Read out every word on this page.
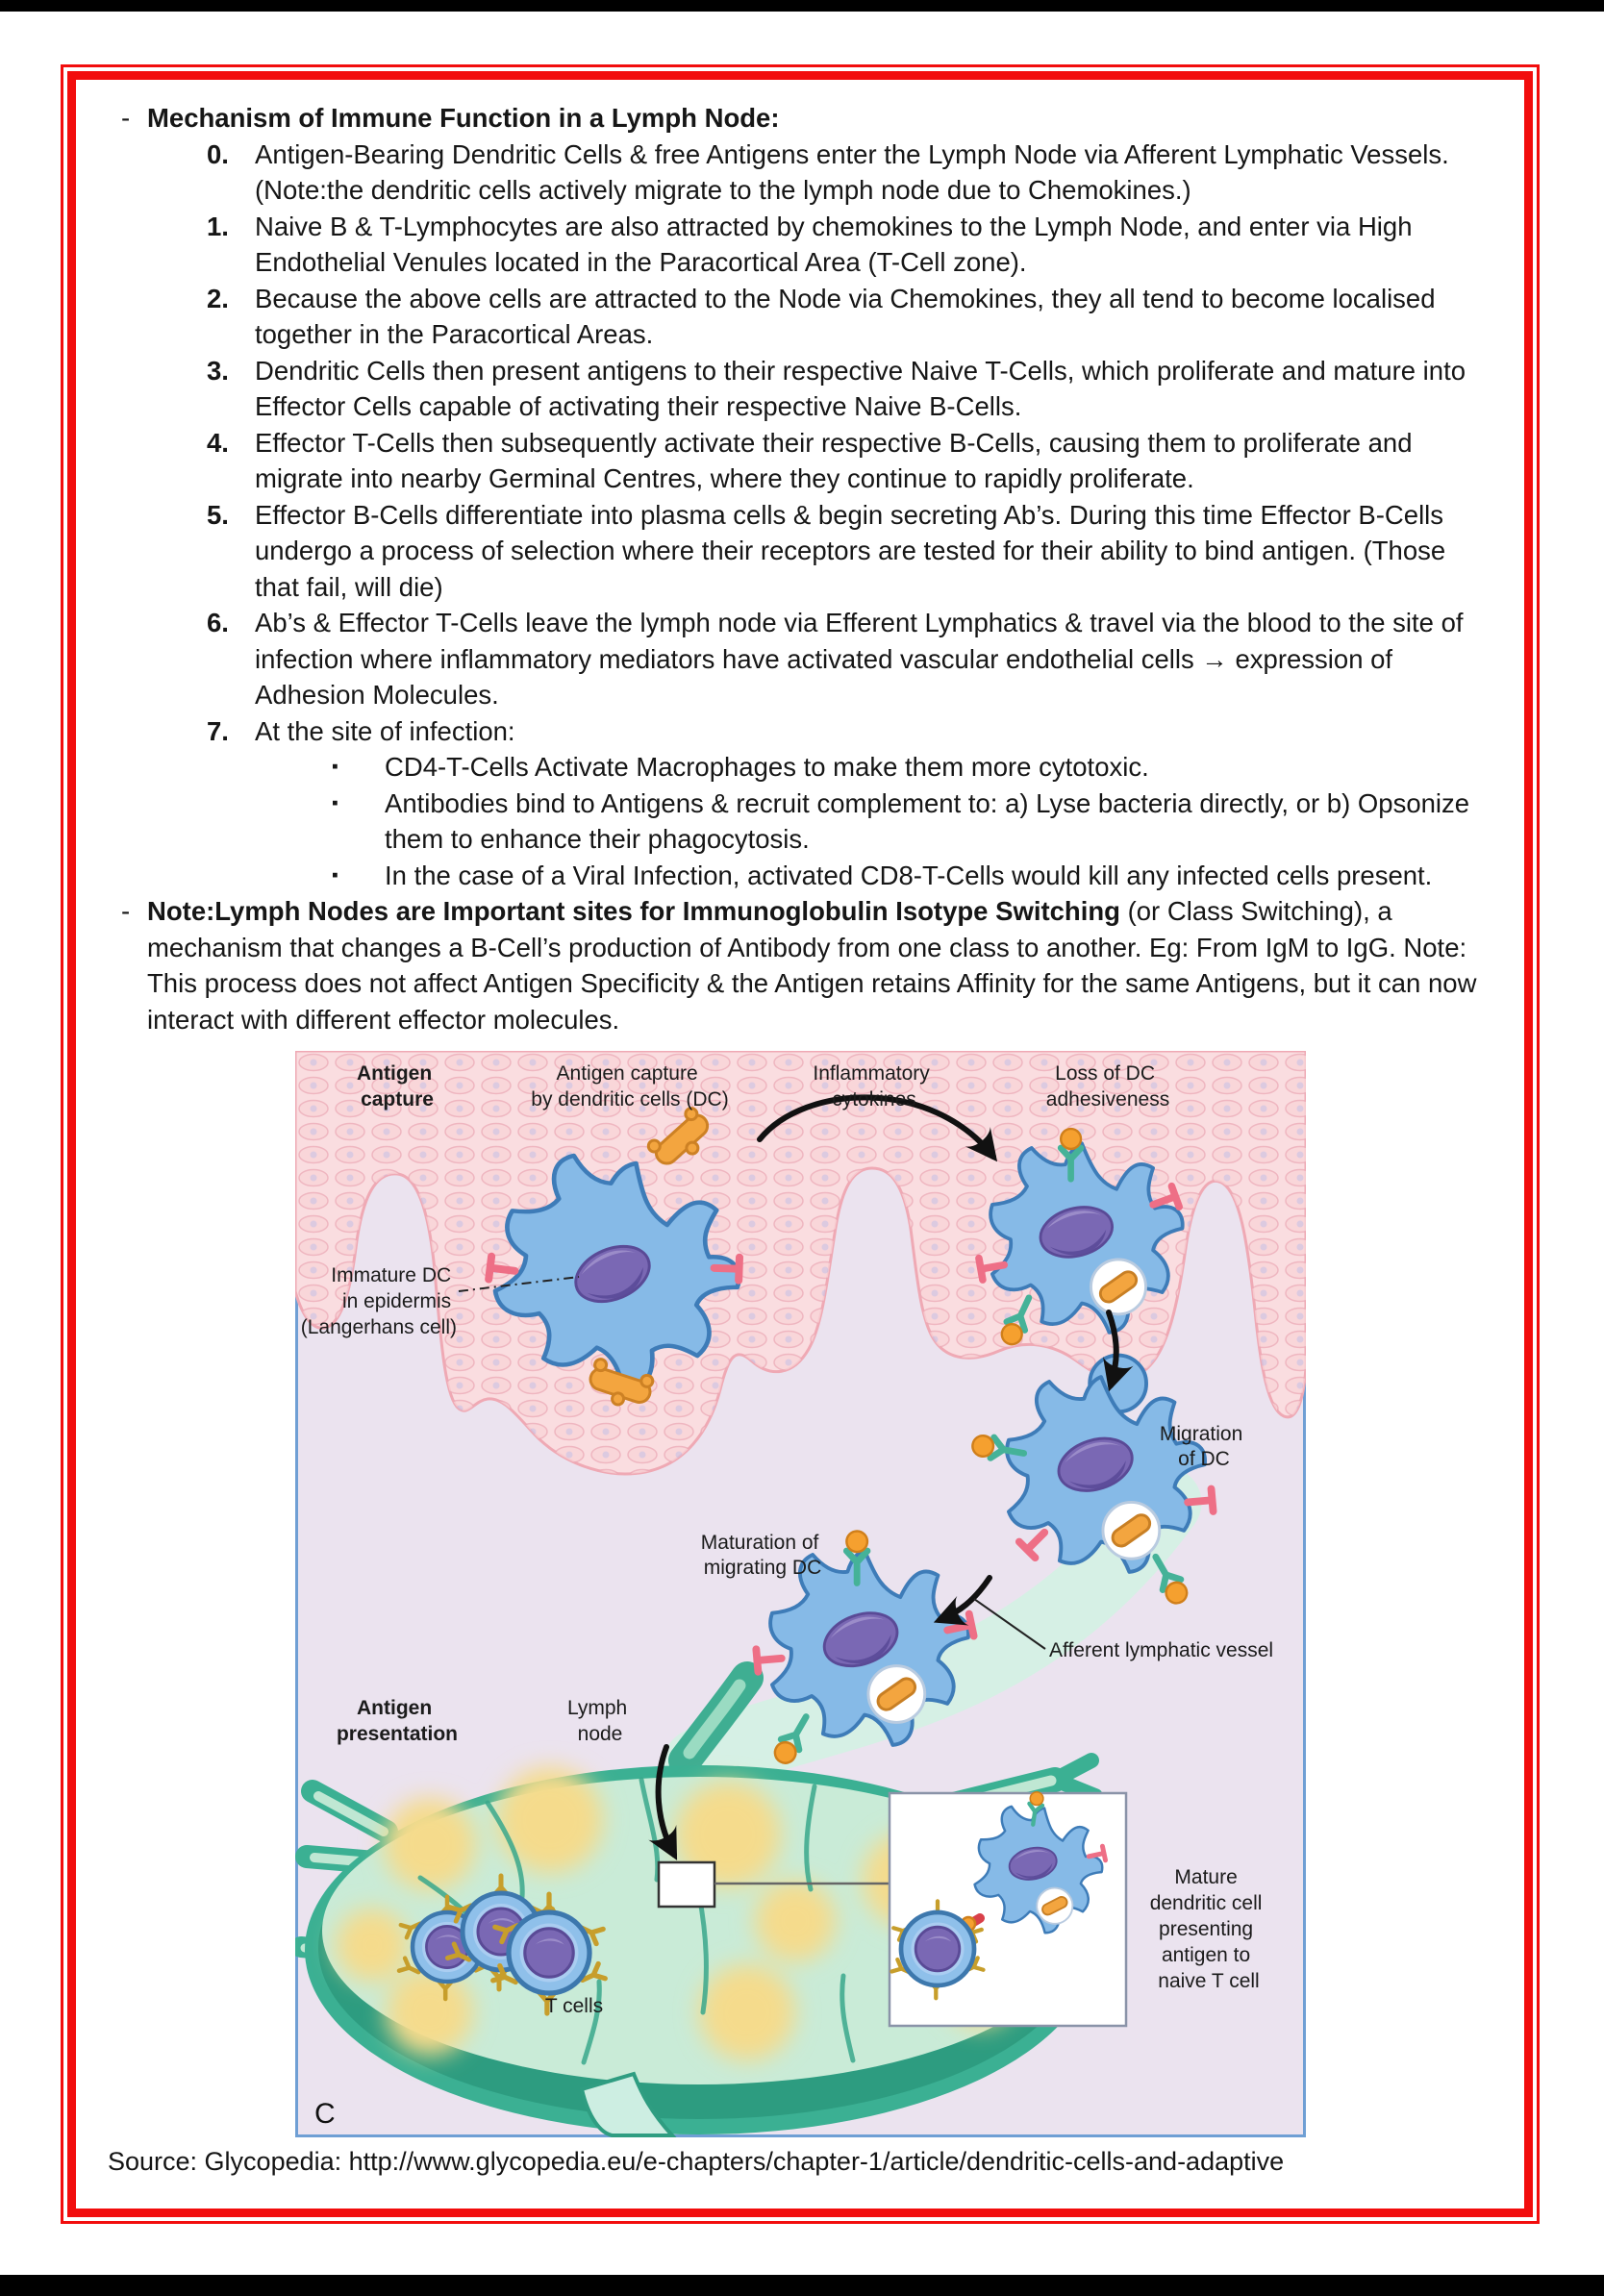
- Mechanism of Immune Function in a Lymph Node:
0. Antigen-Bearing Dendritic Cells & free Antigens enter the Lymph Node via Afferent Lymphatic Vessels. (Note:the dendritic cells actively migrate to the lymph node due to Chemokines.)
1. Naive B & T-Lymphocytes are also attracted by chemokines to the Lymph Node, and enter via High Endothelial Venules located in the Paracortical Area (T-Cell zone).
2. Because the above cells are attracted to the Node via Chemokines, they all tend to become localised together in the Paracortical Areas.
3. Dendritic Cells then present antigens to their respective Naive T-Cells, which proliferate and mature into Effector Cells capable of activating their respective Naive B-Cells.
4. Effector T-Cells then subsequently activate their respective B-Cells, causing them to proliferate and migrate into nearby Germinal Centres, where they continue to rapidly proliferate.
5. Effector B-Cells differentiate into plasma cells & begin secreting Ab’s. During this time Effector B-Cells undergo a process of selection where their receptors are tested for their ability to bind antigen. (Those that fail, will die)
6. Ab’s & Effector T-Cells leave the lymph node via Efferent Lymphatics & travel via the blood to the site of infection where inflammatory mediators have activated vascular endothelial cells → expression of Adhesion Molecules.
7. At the site of infection:
▪	CD4-T-Cells Activate Macrophages to make them more cytotoxic.
▪	Antibodies bind to Antigens & recruit complement to: a) Lyse bacteria directly, or b) Opsonize them to enhance their phagocytosis.
▪	In the case of a Viral Infection, activated CD8-T-Cells would kill any infected cells present.
- Note:Lymph Nodes are Important sites for Immunoglobulin Isotype Switching (or Class Switching), a mechanism that changes a B-Cell’s production of Antibody from one class to another. Eg: From IgM to IgG. Note: This process does not affect Antigen Specificity & the Antigen retains Affinity for the same Antigens, but it can now interact with different effector molecules.
Antigen capture
Antigen capture by dendritic cells (DC)
Inflammatory cytokines
Loss of DC adhesiveness
Immature DC in epidermis (Langerhans cell)
Migration of DC
Maturation of migrating DC
Afferent lymphatic vessel
Antigen presentation
Lymph node
T cells
Mature dendritic cell presenting antigen to naive T cell
C
Source: Glycopedia: http://www.glycopedia.eu/e-chapters/chapter-1/article/dendritic-cells-and-adaptive
